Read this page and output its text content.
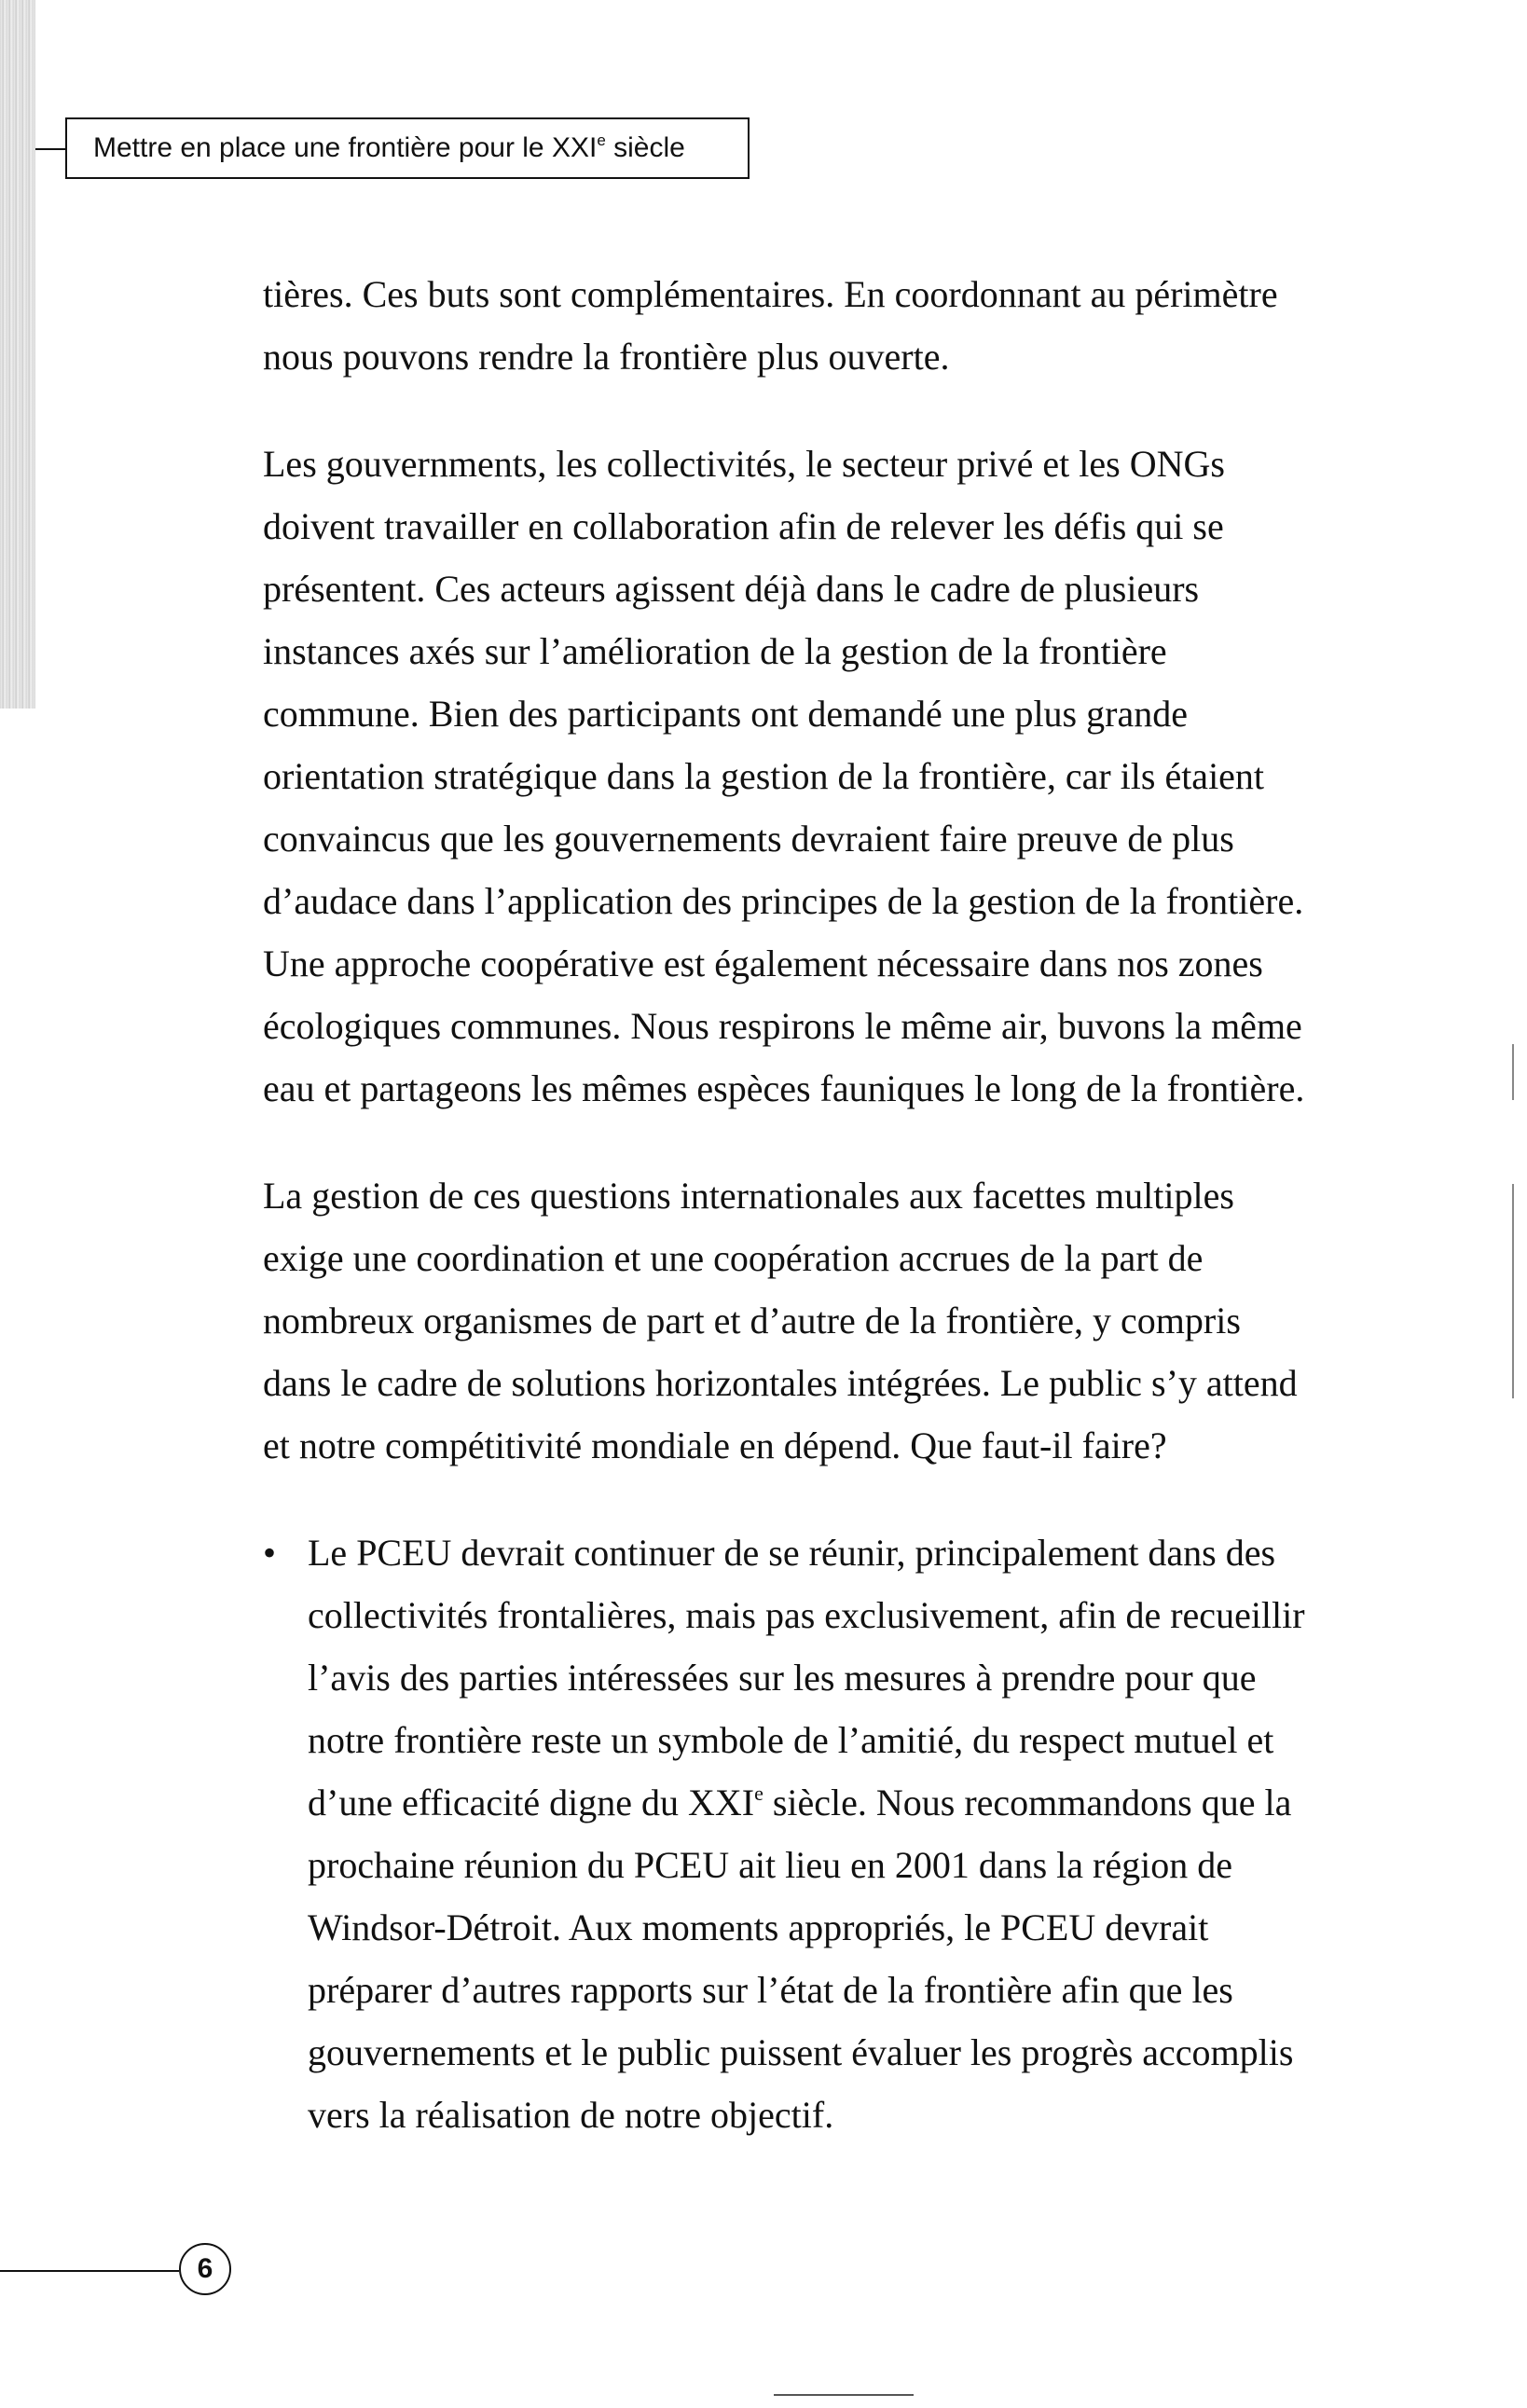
Mettre en place une frontière pour le XXIe siècle

tières. Ces buts sont complémentaires. En coordonnant au périmètre nous pouvons rendre la frontière plus ouverte.

Les gouvernments, les collectivités, le secteur privé et les ONGs doivent travailler en collaboration afin de relever les défis qui se présentent. Ces acteurs agissent déjà dans le cadre de plusieurs instances axés sur l’amélioration de la gestion de la frontière commune. Bien des participants ont demandé une plus grande orientation stratégique dans la gestion de la frontière, car ils étaient convaincus que les gouvernements devraient faire preuve de plus d’audace dans l’application des principes de la gestion de la frontière. Une approche coopérative est également nécessaire dans nos zones écologiques communes. Nous respirons le même air, buvons la même eau et partageons les mêmes espèces fauniques le long de la frontière.

La gestion de ces questions internationales aux facettes multiples exige une coordination et une coopération accrues de la part de nombreux organismes de part et d’autre de la frontière, y compris dans le cadre de solutions horizontales intégrées. Le public s’y attend et notre compétitivité mondiale en dépend. Que faut-il faire?

• Le PCEU devrait continuer de se réunir, principalement dans des collectivités frontalières, mais pas exclusivement, afin de recueillir l’avis des parties intéressées sur les mesures à prendre pour que notre frontière reste un symbole de l’amitié, du respect mutuel et d’une efficacité digne du XXIe siècle. Nous recommandons que la prochaine réunion du PCEU ait lieu en 2001 dans la région de Windsor-Détroit. Aux moments appropriés, le PCEU devrait préparer d’autres rapports sur l’état de la frontière afin que les gouvernements et le public puissent évaluer les progrès accomplis vers la réalisation de notre objectif.
6
